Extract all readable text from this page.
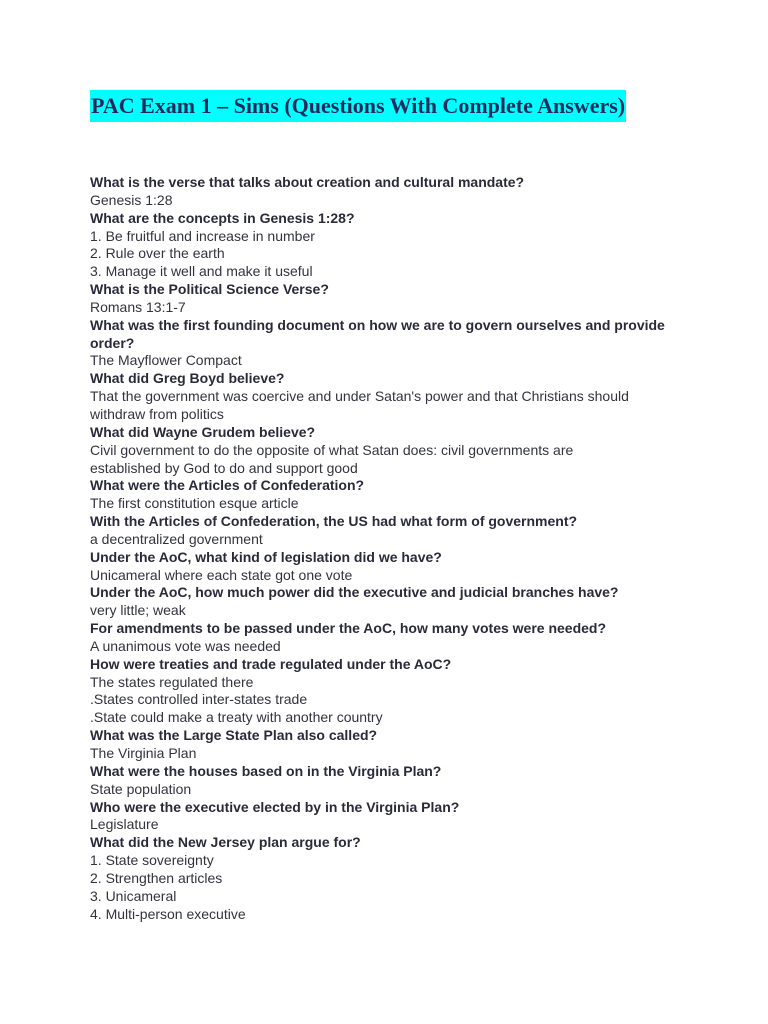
PAC Exam 1 – Sims (Questions With Complete Answers)

What is the verse that talks about creation and cultural mandate?

Genesis 1:28

What are the concepts in Genesis 1:28?

1. Be fruitful and increase in number

2. Rule over the earth

3. Manage it well and make it useful

What is the Political Science Verse?

Romans 13:1-7

What was the first founding document on how we are to govern ourselves and provide order?

The Mayflower Compact

What did Greg Boyd believe?

That the government was coercive and under Satan's power and that Christians should withdraw from politics

What did Wayne Grudem believe?

Civil government to do the opposite of what Satan does: civil governments are established by God to do and support good

What were the Articles of Confederation?

The first constitution esque article

With the Articles of Confederation, the US had what form of government?

a decentralized government

Under the AoC, what kind of legislation did we have?

Unicameral where each state got one vote

Under the AoC, how much power did the executive and judicial branches have?

very little; weak

For amendments to be passed under the AoC, how many votes were needed?

A unanimous vote was needed

How were treaties and trade regulated under the AoC?

The states regulated there

.States controlled inter-states trade

.State could make a treaty with another country

What was the Large State Plan also called?

The Virginia Plan

What were the houses based on in the Virginia Plan?

State population

Who were the executive elected by in the Virginia Plan?

Legislature

What did the New Jersey plan argue for?

1. State sovereignty

2. Strengthen articles

3. Unicameral

4. Multi-person executive
